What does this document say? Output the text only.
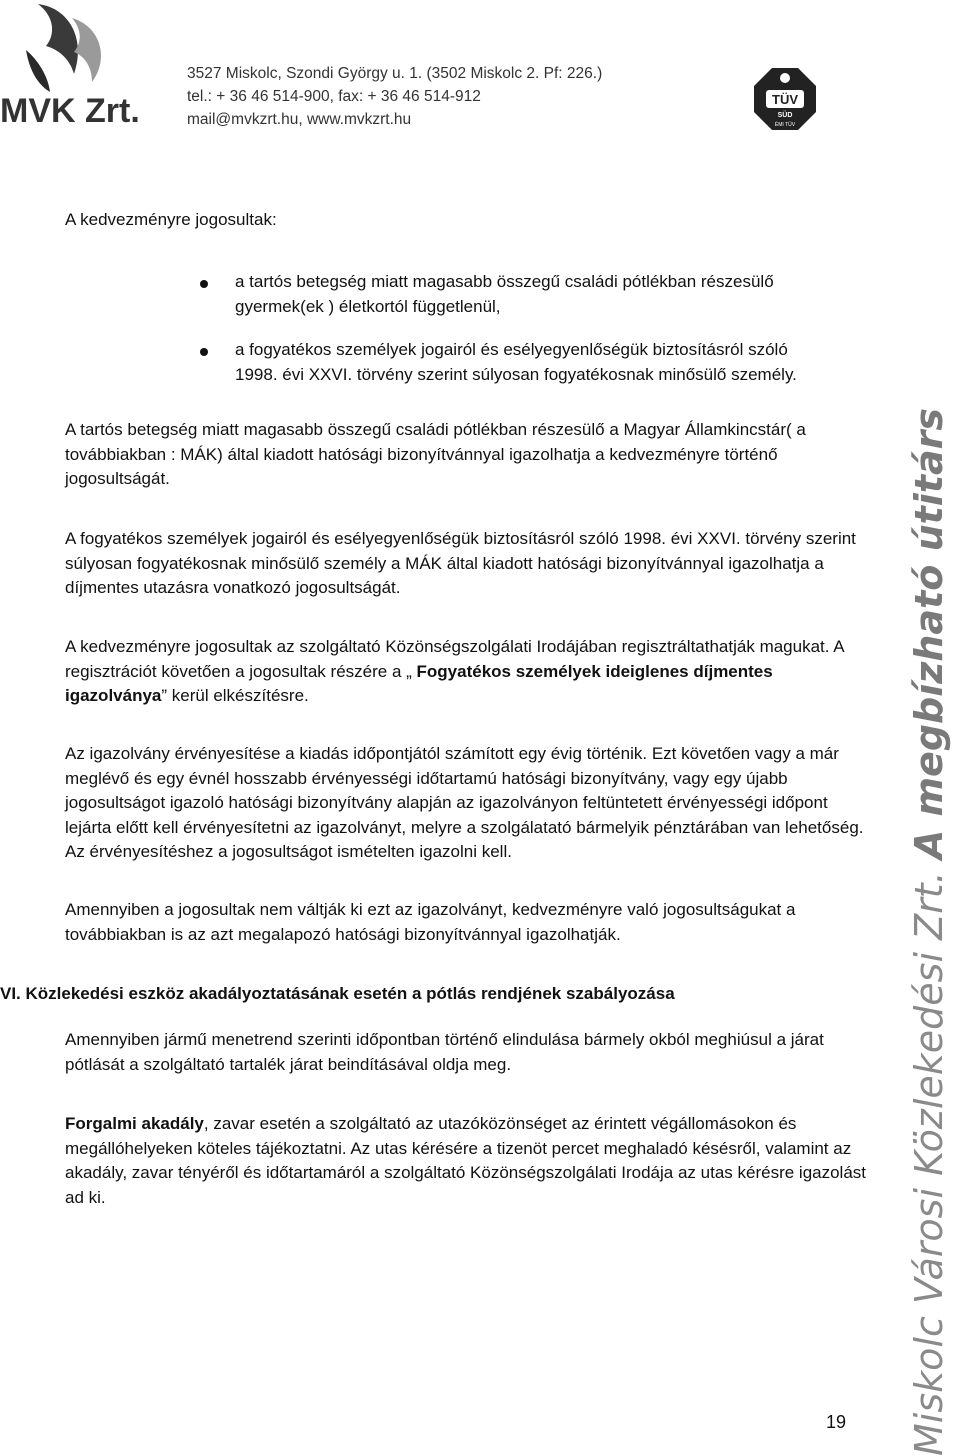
MVK Zrt.
3527 Miskolc, Szondi György u. 1. (3502 Miskolc 2. Pf: 226.)
tel.: + 36 46 514-900, fax: + 36 46 514-912
mail@mvkzrt.hu, www.mvkzrt.hu
TÜV
SÜD
ÉMI TÜV
A kedvezményre jogosultak:
a tartós betegség miatt magasabb összegű családi pótlékban részesülő gyermek(ek ) életkortól függetlenül,
a fogyatékos személyek jogairól és esélyegyenlőségük biztosításról szóló 1998. évi XXVI. törvény szerint súlyosan fogyatékosnak minősülő személy.
A tartós betegség miatt magasabb összegű családi pótlékban részesülő a Magyar Államkincstár( a továbbiakban : MÁK) által kiadott hatósági bizonyítvánnyal igazolhatja a kedvezményre történő jogosultságát.
A fogyatékos személyek jogairól és esélyegyenlőségük biztosításról szóló 1998. évi XXVI. törvény szerint súlyosan fogyatékosnak minősülő személy a MÁK által kiadott hatósági bizonyítvánnyal igazolhatja a díjmentes utazásra vonatkozó jogosultságát.
A kedvezményre jogosultak az szolgáltató Közönségszolgálati Irodájában regisztráltathatják magukat. A regisztrációt követően a jogosultak részére a „ Fogyatékos személyek ideiglenes díjmentes igazolványa” kerül elkészítésre.
Az igazolvány érvényesítése a kiadás időpontjától számított egy évig történik. Ezt követően vagy a már meglévő és egy évnél hosszabb érvényességi időtartamú hatósági bizonyítvány, vagy egy újabb jogosultságot igazoló hatósági bizonyítvány alapján az igazolványon feltüntetett érvényességi időpont lejárta előtt kell érvényesítetni az igazolványt, melyre a szolgálatató bármelyik pénztárában van lehetőség. Az érvényesítéshez a jogosultságot ismételten igazolni kell.
Amennyiben a jogosultak nem váltják ki ezt az igazolványt, kedvezményre való jogosultságukat a továbbiakban is az azt megalapozó hatósági bizonyítvánnyal igazolhatják.
VI. Közlekedési eszköz akadályoztatásának esetén a pótlás rendjének szabályozása
Amennyiben jármű menetrend szerinti időpontban történő elindulása bármely okból meghiúsul a járat pótlását a szolgáltató tartalék járat beindításával oldja meg.
Forgalmi akadály, zavar esetén a szolgáltató az utazóközönséget az érintett végállomásokon és megállóhelyeken köteles tájékoztatni. Az utas kérésére a tizenöt percet meghaladó késésről, valamint az akadály, zavar tényéről és időtartamáról a szolgáltató Közönségszolgálati Irodája az utas kérésre igazolást ad ki.	Miskolc Városi Közlekedési Zrt. A megbízható útitárs
19
